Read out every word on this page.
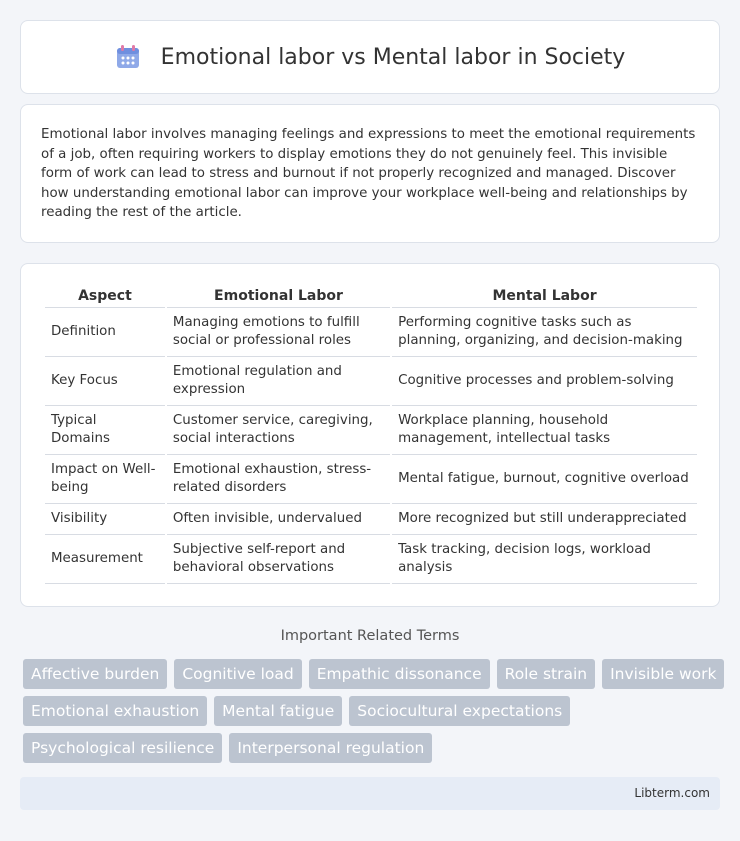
Emotional labor vs Mental labor in Society

Emotional labor involves managing feelings and expressions to meet the emotional requirements of a job, often requiring workers to display emotions they do not genuinely feel. This invisible form of work can lead to stress and burnout if not properly recognized and managed. Discover how understanding emotional labor can improve your workplace well-being and relationships by reading the rest of the article.

Aspect	Emotional Labor	Mental Labor
Definition	Managing emotions to fulfill social or professional roles	Performing cognitive tasks such as planning, organizing, and decision-making
Key Focus	Emotional regulation and expression	Cognitive processes and problem-solving
Typical Domains	Customer service, caregiving, social interactions	Workplace planning, household management, intellectual tasks
Impact on Well-being	Emotional exhaustion, stress-related disorders	Mental fatigue, burnout, cognitive overload
Visibility	Often invisible, undervalued	More recognized but still underappreciated
Measurement	Subjective self-report and behavioral observations	Task tracking, decision logs, workload analysis
Important Related Terms
Affective burden	Cognitive load	Empathic dissonance	Role strain	Invisible work
Emotional exhaustion	Mental fatigue	Sociocultural expectations
Psychological resilience	Interpersonal regulation
Libterm.com
